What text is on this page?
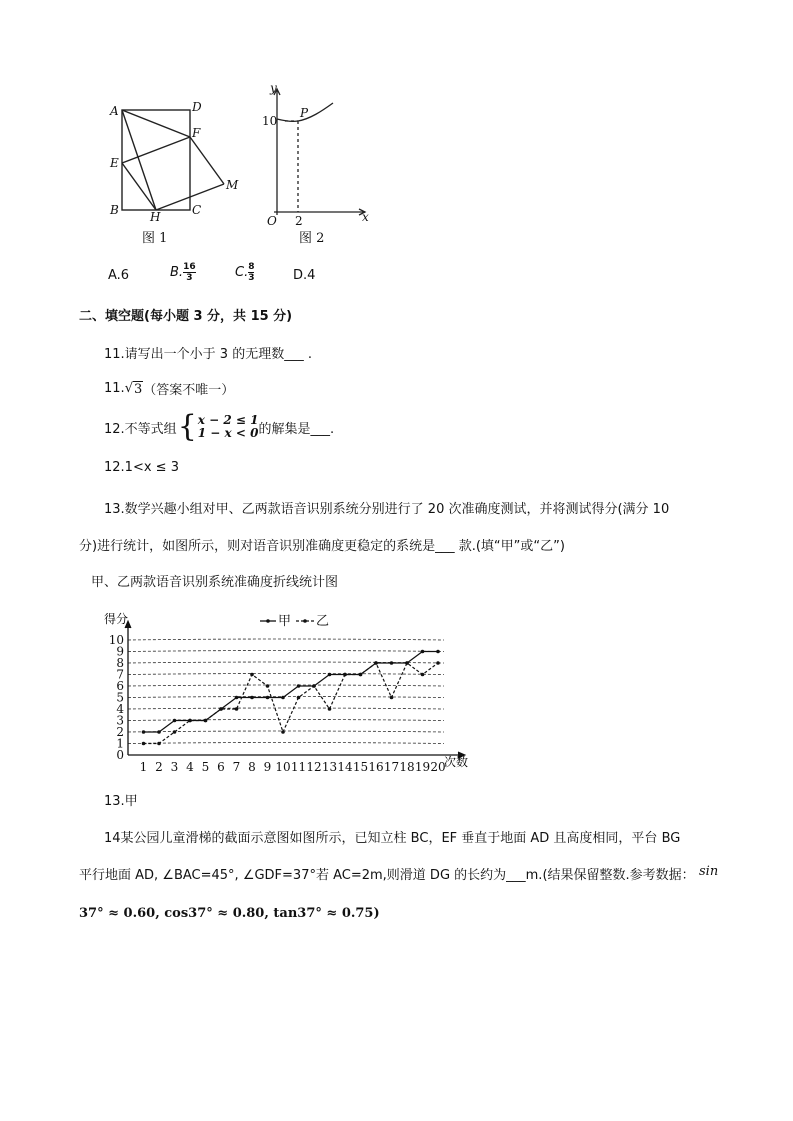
A	D
F
E
M
B	H	C
图 1
y
P
10
O 2	x
图 2
A.6	B. $\frac{16}{3}$	C. $\frac{8}{3}$	D.4
二、填空题(每小题 3 分，共 15 分)
11.请写出一个小于 3 的无理数___ .
11. √ 3 （答案不唯一）
12.不等式组 { x − 2 ≤ 1
1 − x < 0 的解集是___.
12.1<x ≤ 3
13.数学兴趣小组对甲、乙两款语音识别系统分别进行了 20 次准确度测试，并将测试得分(满分 10
分)进行统计，如图所示，则对语音识别准确度更稳定的系统是___ 款.(填“甲”或“乙”)
甲、乙两款语音识别系统准确度折线统计图
0
1
2
3
4
5
6
7
8
9
10
1 2 3 4 5 6 7 8 9 10 11 12 13 14 15 16 17 18 19 20
甲 乙
得分
次数
13.甲
14某公园儿童滑梯的截面示意图如图所示，已知立柱 BC，EF 垂直于地面 AD 且高度相同，平台 BG
平行地面 AD, ∠BAC=45°, ∠GDF=37°若 AC=2m,则滑道 DG 的长约为___m.(结果保留整数.参考数据： sin
37° ≈ 0.60, cos37° ≈ 0.80, tan37° ≈ 0.75)
